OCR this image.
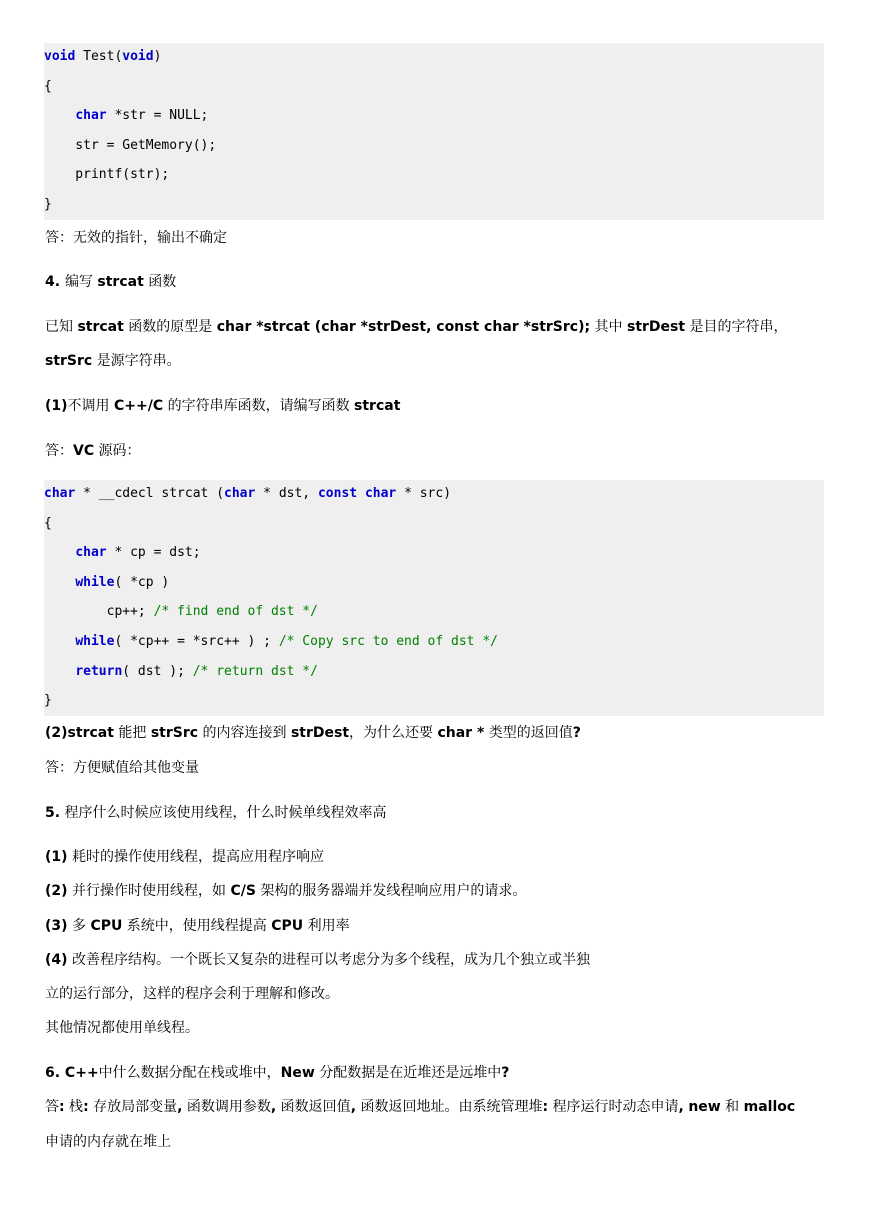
void Test(void)
{
char *str = NULL;
str = GetMemory();
printf(str);
}
答：无效的指针，输出不确定
4. 编写 strcat 函数
已知 strcat 函数的原型是 char *strcat (char *strDest, const char *strSrc); 其中 strDest 是目的字符串，
strSrc 是源字符串。
(1)不调用 C++/C 的字符串库函数，请编写函数 strcat
答：VC 源码：
char * __cdecl strcat (char * dst, const char * src)
{
char * cp = dst;
while( *cp )
cp++; /* find end of dst */
while( *cp++ = *src++ ) ; /* Copy src to end of dst */
return( dst ); /* return dst */
}
(2)strcat 能把 strSrc 的内容连接到 strDest，为什么还要 char * 类型的返回值?
答：方便赋值给其他变量
5. 程序什么时候应该使用线程，什么时候单线程效率高
(1) 耗时的操作使用线程，提高应用程序响应
(2) 并行操作时使用线程，如 C/S 架构的服务器端并发线程响应用户的请求。
(3) 多 CPU 系统中，使用线程提高 CPU 利用率
(4) 改善程序结构。一个既长又复杂的进程可以考虑分为多个线程，成为几个独立或半独
立的运行部分，这样的程序会利于理解和修改。
其他情况都使用单线程。
6. C++中什么数据分配在栈或堆中，New 分配数据是在近堆还是远堆中?
答: 栈: 存放局部变量, 函数调用参数, 函数返回值, 函数返回地址。由系统管理堆: 程序运行时动态申请, new 和 malloc
申请的内存就在堆上
